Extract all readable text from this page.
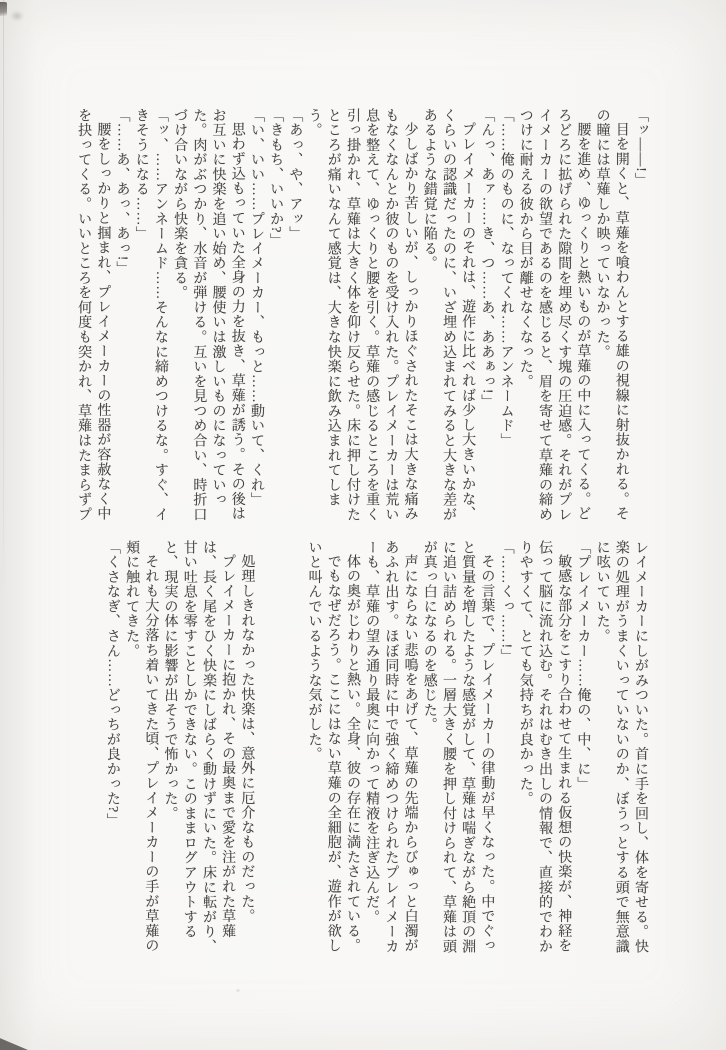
「ッ――!」

目を開くと、草薙を喰わんとする雄の視線に射抜かれる。その瞳には草薙しか映っていなかった。

腰を進め、ゆっくりと熱いものが草薙の中に入ってくる。どろどろに拡げられた隙間を埋め尽くす塊の圧迫感。それがプレイメーカーの欲望であるのを感じると、眉を寄せて草薙の締めつけに耐える彼から目が離せなくなった。

「……俺のものに、なってくれ……アンネームド」

「んっ、あァ……き、つ……あ、ああぁっ!」

プレイメーカーのそれは、遊作に比べれば少し大きいかな、くらいの認識だったのに、いざ埋め込まれてみると大きな差があるような錯覚に陥る。

少しばかり苦しいが、しっかりほぐされたそこは大きな痛みもなくなんとか彼のものを受け入れた。プレイメーカーは荒い息を整えて、ゆっくりと腰を引く。草薙の感じるところを重く引っ掛かれ、草薙は大きく体を仰け反らせた。床に押し付けたところが痛いなんて感覚は、大きな快楽に飲み込まれてしまう。

「あっ、や、アッ」

「きもち、いいか?」

「い、いい……プレイメーカー、もっと……動いて、くれ」

思わず込もっていた全身の力を抜き、草薙が誘う。その後はお互いに快楽を追い始め、腰使いは激しいものになっていった。肉がぶつかり、水音が弾ける。互いを見つめ合い、時折口づけ合いながら快楽を貪る。

「ッ、……アンネームド……そんなに締めつけるな。すぐ、イきそうになる……」

「……あ、あっ、あっ!」

腰をしっかりと掴まれ、プレイメーカーの性器が容赦なく中を抉ってくる。いいところを何度も突かれ、草薙はたまらずプ

レイメーカーにしがみついた。首に手を回し、体を寄せる。快楽の処理がうまくいっていないのか、ぼうっとする頭で無意識に呟いていた。

「プレイメーカー……俺の、中、に」

敏感な部分をこすり合わせて生まれる仮想の快楽が、神経を伝って脳に流れ込む。それはむき出しの情報で、直接的でわかりやすくて、とても気持ちが良かった。

「……くっ……!」

その言葉で、プレイメーカーの律動が早くなった。中でぐっと質量を増したような感覚がして、草薙は喘ぎながら絶頂の淵に追い詰められる。一層大きく腰を押し付けられて、草薙は頭が真っ白になるのを感じた。

声にならない悲鳴をあげて、草薙の先端からびゅっと白濁があふれ出す。ほぼ同時に中で強く締めつけられたプレイメーカーも、草薙の望み通り最奥に向かって精液を注ぎ込んだ。

体の奥がじわりと熱い。全身、彼の存在に満たされている。

でもなぜだろう。ここにはない草薙の全細胞が、遊作が欲しいと叫んでいるような気がした。

処理しきれなかった快楽は、意外に厄介なものだった。

プレイメーカーに抱かれ、その最奥まで愛を注がれた草薙は、長く尾をひく快楽にしばらく動けずにいた。床に転がり、甘い吐息を零すことしかできない。このままログアウトすると、現実の体に影響が出そうで怖かった。

それも大分落ち着いてきた頃、プレイメーカーの手が草薙の頬に触れてきた。

「くさなぎ、さん……どっちが良かった?」
